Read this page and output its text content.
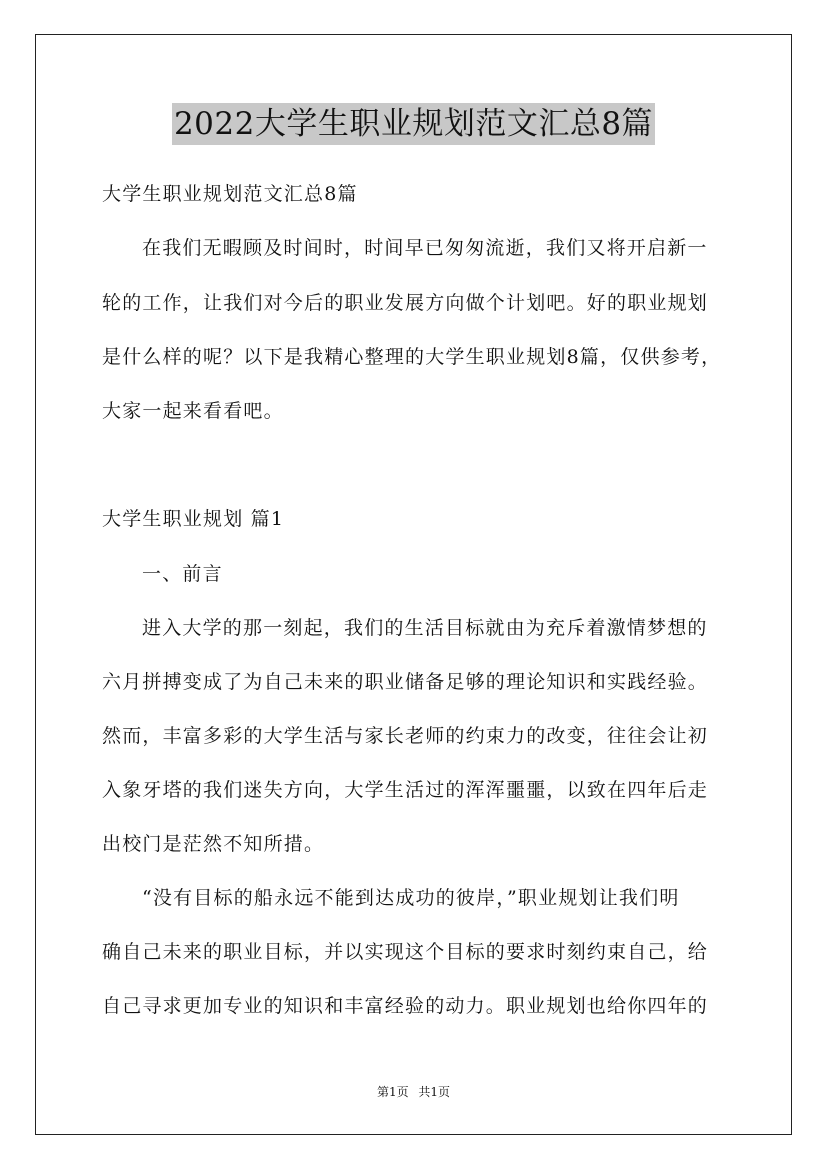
2022大学生职业规划范文汇总8篇
大学生职业规划范文汇总8篇
在我们无暇顾及时间时，时间早已匆匆流逝，我们又将开启新一
轮的工作，让我们对今后的职业发展方向做个计划吧。好的职业规划
是什么样的呢？以下是我精心整理的大学生职业规划8篇，仅供参考，
大家一起来看看吧。
大学生职业规划 篇1
一、前言
进入大学的那一刻起，我们的生活目标就由为充斥着激情梦想的
六月拼搏变成了为自己未来的职业储备足够的理论知识和实践经验。
然而，丰富多彩的大学生活与家长老师的约束力的改变，往往会让初
入象牙塔的我们迷失方向，大学生活过的浑浑噩噩，以致在四年后走
出校门是茫然不知所措。
“没有目标的船永远不能到达成功的彼岸，”职业规划让我们明
确自己未来的职业目标，并以实现这个目标的要求时刻约束自己，给
自己寻求更加专业的知识和丰富经验的动力。职业规划也给你四年的
第1页 共1页
